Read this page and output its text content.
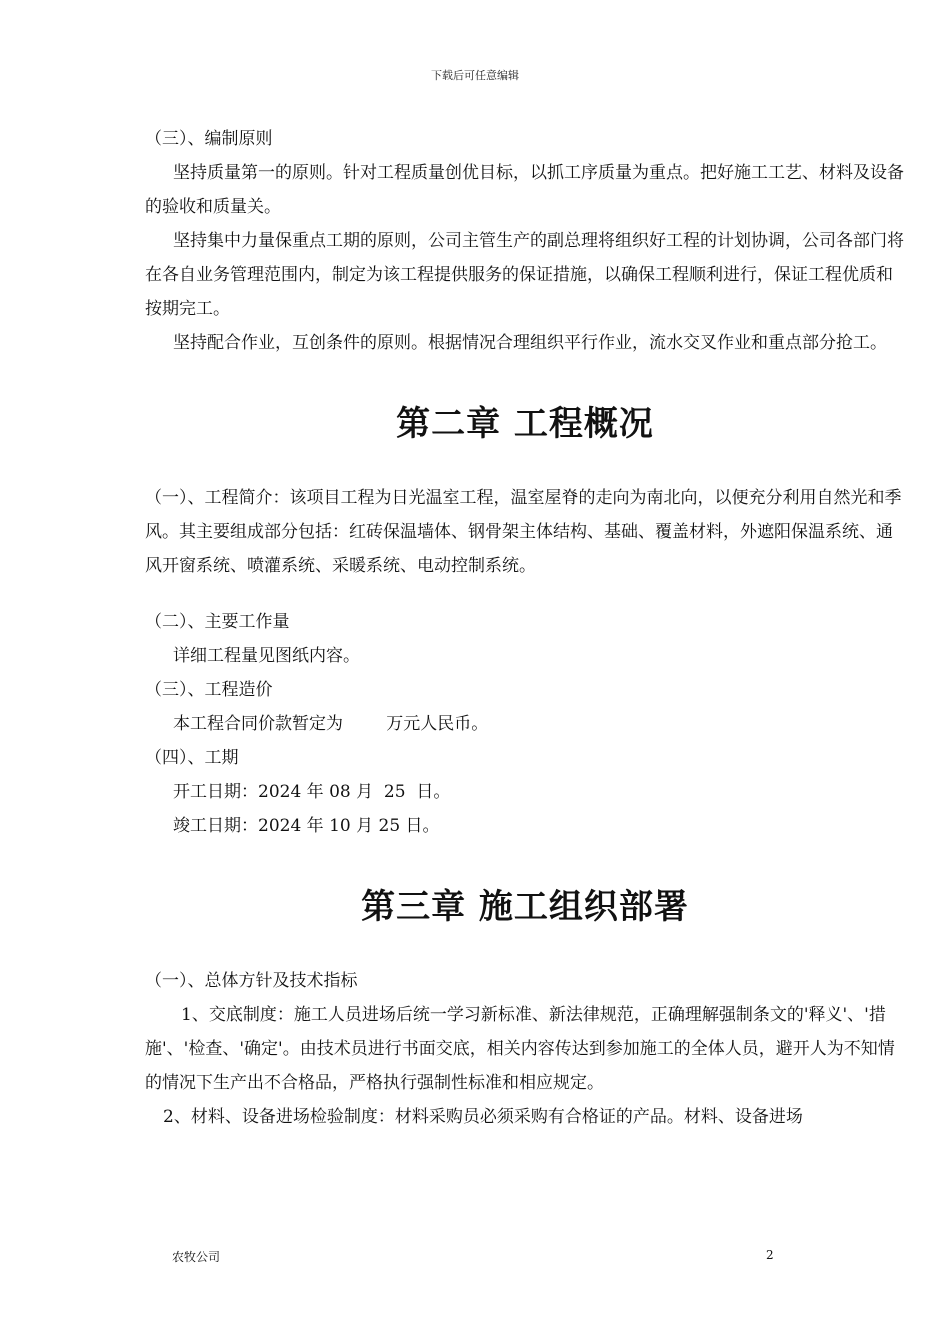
下载后可任意编辑

（三）、编制原则

坚持质量第一的原则。针对工程质量创优目标，以抓工序质量为重点。把好施工工艺、材料及设备的验收和质量关。

坚持集中力量保重点工期的原则，公司主管生产的副总理将组织好工程的计划协调，公司各部门将在各自业务管理范围内，制定为该工程提供服务的保证措施，以确保工程顺利进行，保证工程优质和按期完工。

坚持配合作业，互创条件的原则。根据情况合理组织平行作业，流水交叉作业和重点部分抢工。

第二章 工程概况

（一）、工程简介：该项目工程为日光温室工程，温室屋脊的走向为南北向，以便充分利用自然光和季风。其主要组成部分包括：红砖保温墙体、钢骨架主体结构、基础、覆盖材料，外遮阳保温系统、通风开窗系统、喷灌系统、采暖系统、电动控制系统。

（二）、主要工作量

详细工程量见图纸内容。

（三）、工程造价

本工程合同价款暂定为        万元人民币。

（四）、工期

开工日期：2024 年 08 月  25  日。

竣工日期：2024 年 10 月 25 日。

第三章 施工组织部署

（一）、总体方针及技术指标

1、交底制度：施工人员进场后统一学习新标准、新法律规范，正确理解强制条文的'释义'、'措施'、'检查、'确定'。由技术员进行书面交底，相关内容传达到参加施工的全体人员，避开人为不知情的情况下生产出不合格品，严格执行强制性标准和相应规定。

2、材料、设备进场检验制度：材料采购员必须采购有合格证的产品。材料、设备进场

农牧公司	2
